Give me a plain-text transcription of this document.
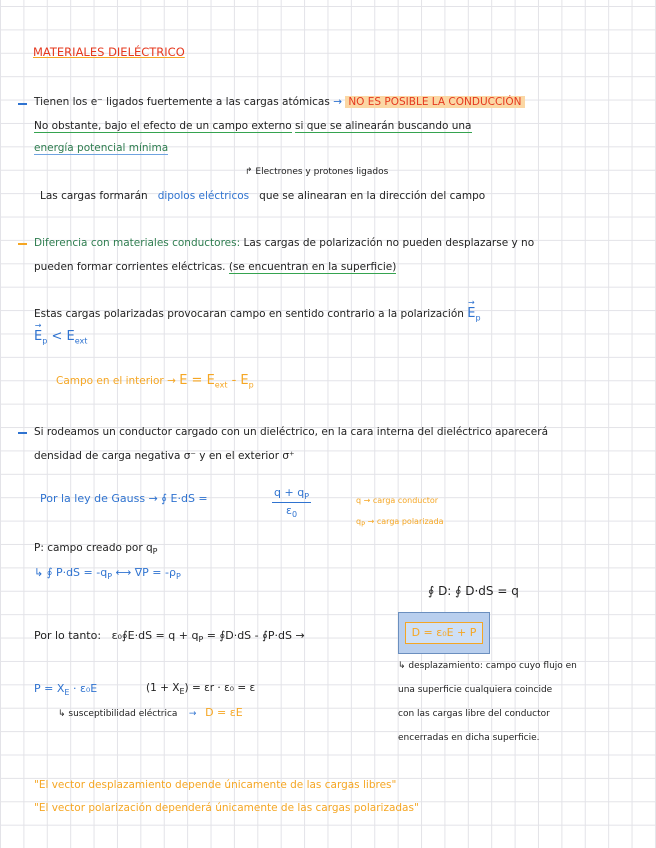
MATERIALES DIELÉCTRICO
Tienen los e⁻ ligados fuertemente a las cargas atómicas → NO ES POSIBLE LA CONDUCCIÓN
No obstante, bajo el efecto de un campo externo si que se alinearán buscando una
energía potencial mínima
↱ Electrones y protones ligados
Las cargas formarán dipolos eléctricos que se alinearan en la dirección del campo
Diferencia con materiales conductores: Las cargas de polarización no pueden desplazarse y no
pueden formar corrientes eléctricas. (se encuentran en la superficie)
Estas cargas polarizadas provocaran campo en sentido contrario a la polarización → $E_p$
→ $E_p < E_{ext}$
Campo en el interior → $E = E_{ext} - E_p$
Si rodeamos un conductor cargado con un dieléctrico, en la cara interna del dieléctrico aparecerá
densidad de carga negativa σ⁻ y en el exterior σ⁺
Por la ley de Gauss → ∮ E·dS =	$\frac{q + q_P}{\varepsilon_0}$	q → carga conductor
$q_P$ → carga polarizada
P: campo creado por $q_P$
↳ ∮ $P\cdot dS = -q_P$ ⟷ $\nabla P = -\rho_P$
∮ D: ∮ D·dS = q
Por lo tanto: ε₀∮E·dS = $q + q_P$ = ∮D·dS - ∮P·dS →	D = ε₀E + P
↳ desplazamiento: campo cuyo flujo en
una superficie cualquiera coincide
con las cargas libre del conductor
encerradas en dicha superficie.
$P = X_E \cdot \varepsilon_0E$	$(1 + X_E) = \varepsilon r \cdot \varepsilon_0 = \varepsilon$
↳ susceptibilidad eléctrica    →   D = εE
"El vector desplazamiento depende únicamente de las cargas libres"
"El vector polarización dependerá únicamente de las cargas polarizadas"
